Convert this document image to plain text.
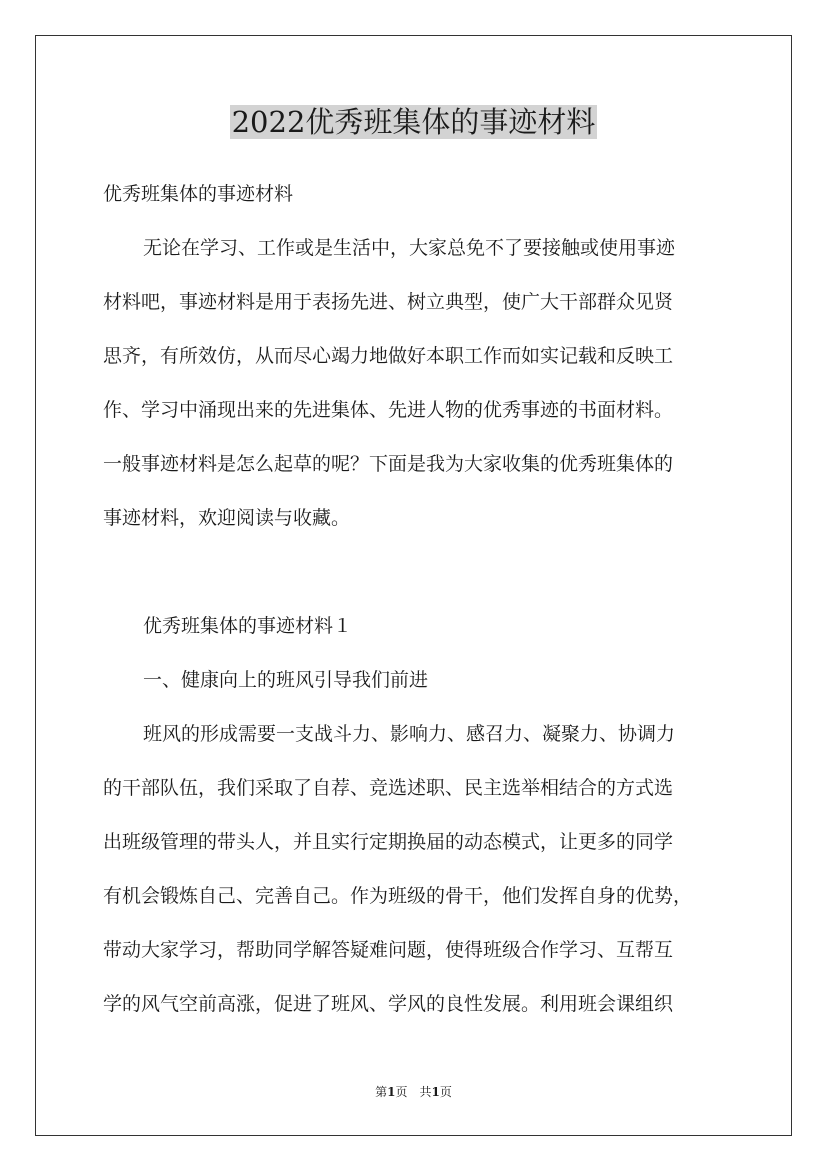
2022优秀班集体的事迹材料

优秀班集体的事迹材料

无论在学习、工作或是生活中，大家总免不了要接触或使用事迹

材料吧，事迹材料是用于表扬先进、树立典型，使广大干部群众见贤

思齐，有所效仿，从而尽心竭力地做好本职工作而如实记载和反映工

作、学习中涌现出来的先进集体、先进人物的优秀事迹的书面材料。

一般事迹材料是怎么起草的呢？下面是我为大家收集的优秀班集体的

事迹材料，欢迎阅读与收藏。

优秀班集体的事迹材料１

一、健康向上的班风引导我们前进

班风的形成需要一支战斗力、影响力、感召力、凝聚力、协调力

的干部队伍，我们采取了自荐、竞选述职、民主选举相结合的方式选

出班级管理的带头人，并且实行定期换届的动态模式，让更多的同学

有机会锻炼自己、完善自己。作为班级的骨干，他们发挥自身的优势，

带动大家学习，帮助同学解答疑难问题，使得班级合作学习、互帮互

学的风气空前高涨，促进了班风、学风的良性发展。利用班会课组织

第1页　共1页
